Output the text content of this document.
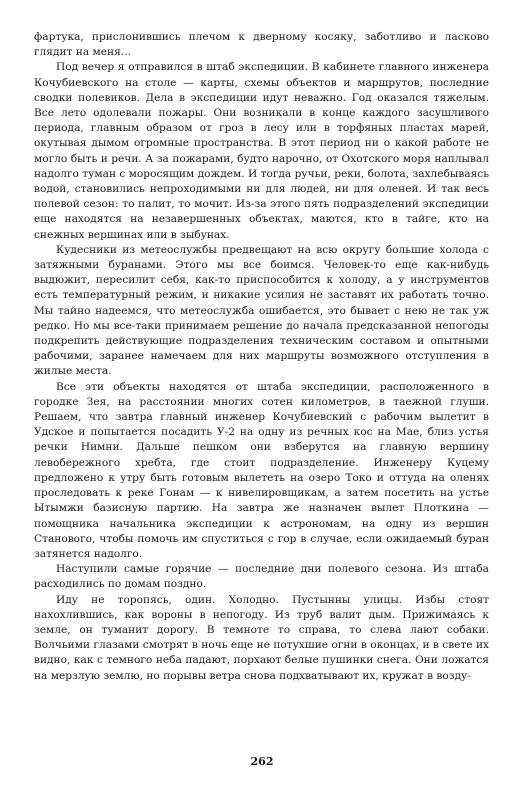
фартука, прислонившись плечом к дверному косяку, заботливо и ласково глядит на меня…

Под вечер я отправился в штаб экспедиции. В кабинете главного инженера Кочубиевского на столе — карты, схемы объектов и маршрутов, последние сводки полевиков. Дела в экспедиции идут неважно. Год оказался тяжелым. Все лето одолевали пожары. Они возникали в конце каждого засушливого периода, главным образом от гроз в лесу или в торфяных пластах марей, окутывая дымом огромные пространства. В этот период ни о какой работе не могло быть и речи. А за пожарами, будто нарочно, от Охотского моря наплывал надолго туман с моросящим дождем. И тогда ручьи, реки, болота, захлебываясь водой, становились непроходимыми ни для людей, ни для оленей. И так весь полевой сезон: то палит, то мочит. Из-за этого пять подразделений экспедиции еще находятся на незавершенных объектах, маются, кто в тайге, кто на снежных вершинах или в зыбунах.

Кудесники из метеослужбы предвещают на всю округу большие холода с затяжными буранами. Этого мы все боимся. Человек-то еще как-нибудь выдюжит, пересилит себя, как-то приспособится к холоду, а у инструментов есть температурный режим, и никакие усилия не заставят их работать точно. Мы тайно надеемся, что метеослужба ошибается, это бывает с нею не так уж редко. Но мы все-таки принимаем решение до начала предсказанной непогоды подкрепить действующие подразделения техническим составом и опытными рабочими, заранее намечаем для них маршруты возможного отступления в жилые места.

Все эти объекты находятся от штаба экспедиции, расположенного в городке Зея, на расстоянии многих сотен километров, в таежной глуши. Решаем, что завтра главный инженер Кочубиевский с рабочим вылетит в Удское и попытается посадить У-2 на одну из речных кос на Мае, близ устья речки Нимни. Дальше пешком они взберутся на главную вершину левобережного хребта, где стоит подразделение. Инженеру Куцему предложено к утру быть готовым вылететь на озеро Токо и оттуда на оленях проследовать к реке Гонам — к нивелировщикам, а затем посетить на устье Ытымжи базисную партию. На завтра же назначен вылет Плоткина — помощника начальника экспедиции к астрономам, на одну из вершин Станового, чтобы помочь им спуститься с гор в случае, если ожидаемый буран затянется надолго.

Наступили самые горячие — последние дни полевого сезона. Из штаба расходились по домам поздно.

Иду не торопясь, один. Холодно. Пустынны улицы. Избы стоят нахохлившись, как вороны в непогоду. Из труб валит дым. Прижимаясь к земле, он туманит дорогу. В темноте то справа, то слева лают собаки. Волчьими глазами смотрят в ночь еще не потухшие огни в оконцах, и в свете их видно, как с темного неба падают, порхают белые пушинки снега. Они ложатся на мерзлую землю, но порывы ветра снова подхватывают их, кружат в возду-

262
